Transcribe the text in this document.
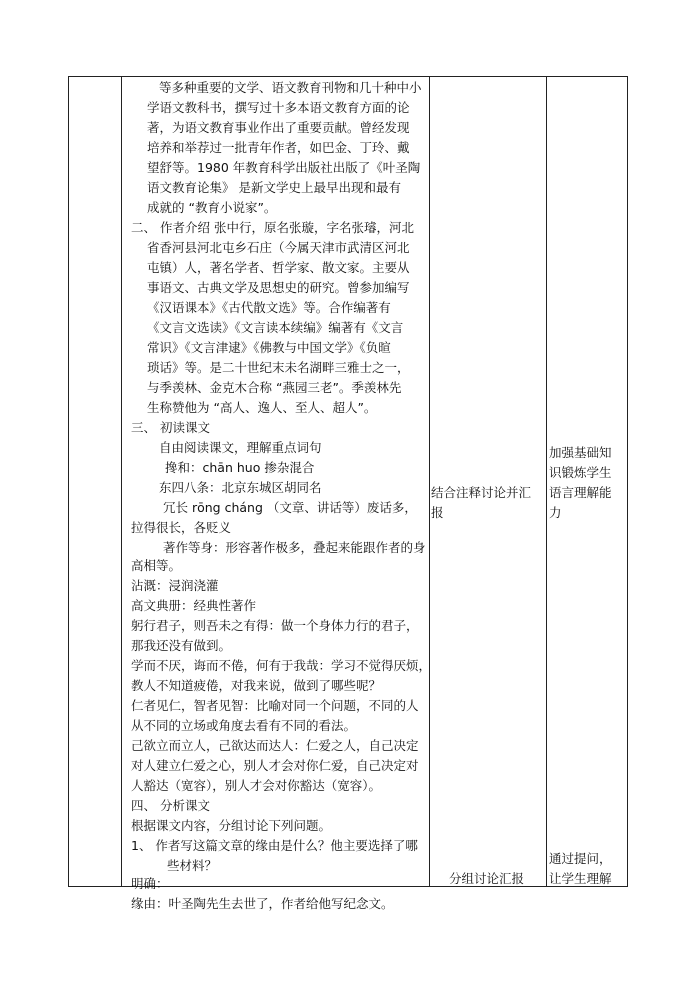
结合注释讨论并汇
报
分组讨论汇报
加强基础知
识锻炼学生
语言理解能
力
通过提问，
让学生理解
等多种重要的文学、语文教育刊物和几十种中小
学语文教科书，撰写过十多本语文教育方面的论
著，为语文教育事业作出了重要贡献。曾经发现
培养和举荐过一批青年作者，如巴金、丁玲、戴
望舒等。1980 年教育科学出版社出版了《叶圣陶
语文教育论集》 是新文学史上最早出现和最有
成就的 “教育小说家”。
二、 作者介绍 张中行，原名张璇，字名张璿，河北
省香河县河北屯乡石庄（今属天津市武清区河北
屯镇）人，著名学者、哲学家、散文家。主要从
事语文、古典文学及思想史的研究。曾参加编写
《汉语课本》《古代散文选》等。合作编著有
《文言文选读》《文言读本续编》编著有《文言
常识》《文言津逮》《佛教与中国文学》《负暄
琐话》等。是二十世纪末未名湖畔三雅士之一，
与季羡林、金克木合称 “燕园三老”。季羡林先
生称赞他为 “高人、逸人、至人、超人”。
三、 初读课文
自由阅读课文，理解重点词句
搀和：chān huo 掺杂混合
东四八条：北京东城区胡同名
冗长 rōng cháng （文章、讲话等）废话多，
拉得很长，各贬义
著作等身：形容著作极多，叠起来能跟作者的身
高相等。
沾溉：浸润浇灌
高文典册：经典性著作
躬行君子，则吾未之有得：做一个身体力行的君子，
那我还没有做到。
学而不厌，诲而不倦，何有于我哉：学习不觉得厌烦，
教人不知道疲倦，对我来说，做到了哪些呢？
仁者见仁，智者见智：比喻对同一个问题，不同的人
从不同的立场或角度去看有不同的看法。
己欲立而立人，己欲达而达人：仁爱之人，自己决定
对人建立仁爱之心，别人才会对你仁爱，自己决定对
人豁达（宽容），别人才会对你豁达（宽容）。
四、 分析课文
根据课文内容，分组讨论下列问题。
1、 作者写这篇文章的缘由是什么？他主要选择了哪
些材料？
明确：
缘由：叶圣陶先生去世了，作者给他写纪念文。
